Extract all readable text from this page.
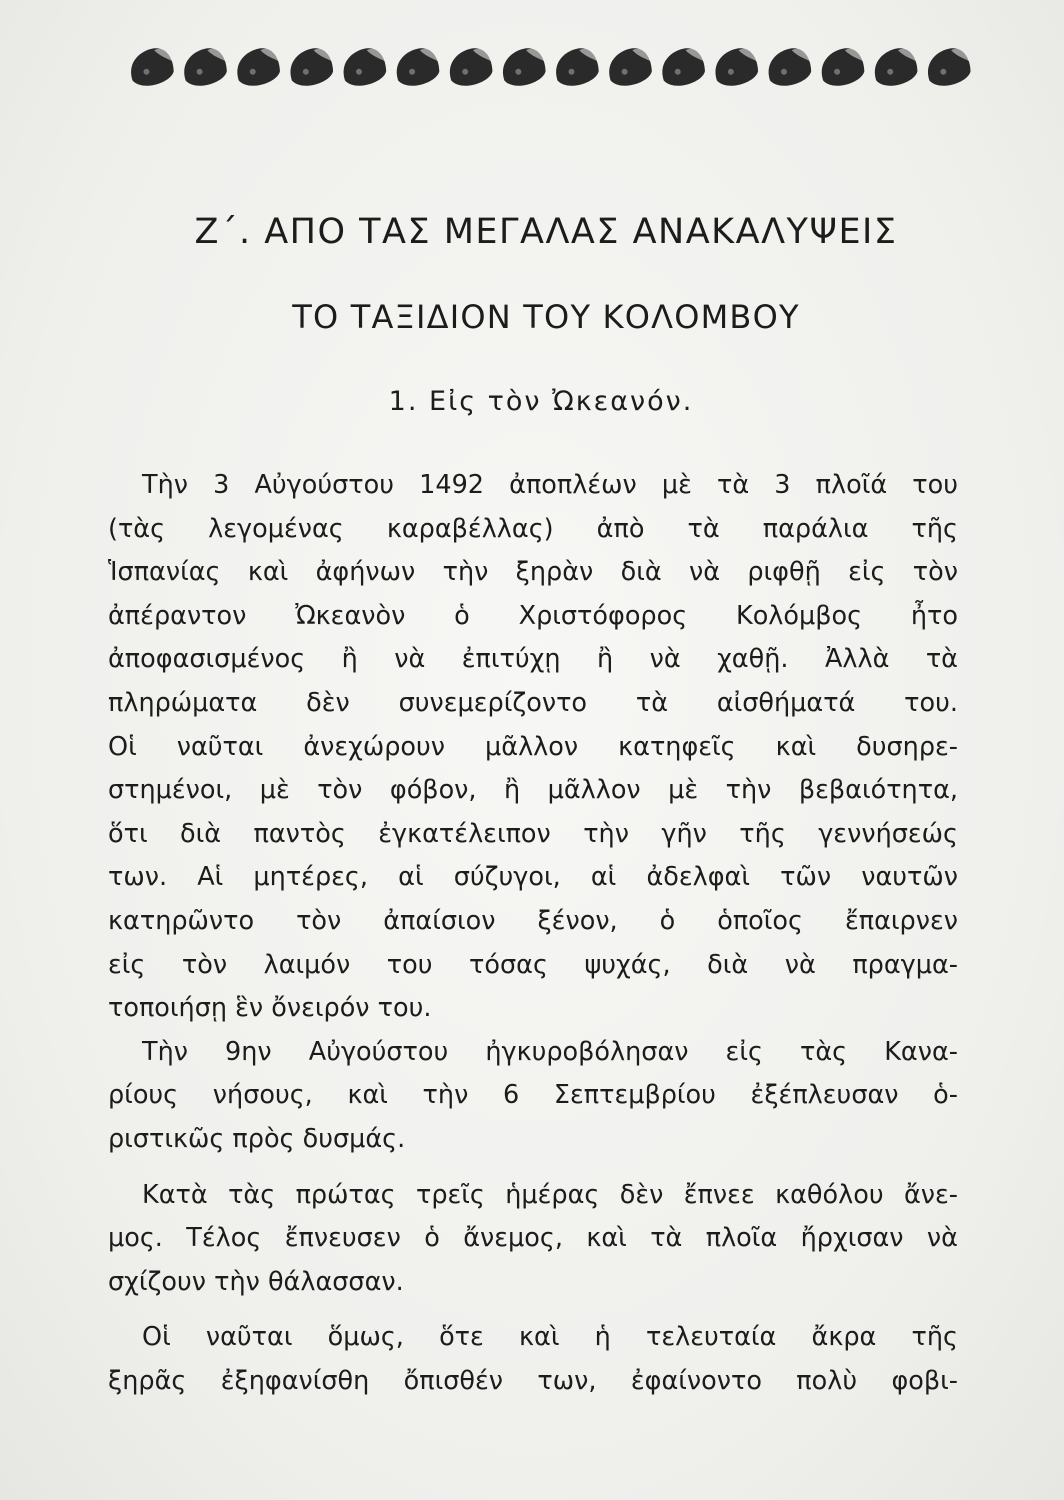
Ζ΄. ΑΠΟ ΤΑΣ ΜΕΓΑΛΑΣ ΑΝΑΚΑΛΥΨΕΙΣ
ΤΟ ΤΑΞΙΔΙΟΝ ΤΟΥ ΚΟΛΟΜΒΟΥ
1. Εἰς τὸν Ὠκεανόν.

Τὴν 3 Αὐγούστου 1492 ἀποπλέων μὲ τὰ 3 πλοῖά του

(τὰς λεγομένας καραβέλλας) ἀπὸ τὰ παράλια τῆς

Ἱσπανίας καὶ ἀφήνων τὴν ξηρὰν διὰ νὰ ριφθῇ εἰς τὸν

ἀπέραντον Ὠκεανὸν ὁ Χριστόφορος Κολόμβος ἦτο

ἀποφασισμένος ἢ νὰ ἐπιτύχῃ ἢ νὰ χαθῇ. Ἀλλὰ τὰ

πληρώματα δὲν συνεμερίζοντο τὰ αἰσθήματά του.

Οἱ ναῦται ἀνεχώρουν μᾶλλον κατηφεῖς καὶ δυσηρε-

στημένοι, μὲ τὸν φόβον, ἢ μᾶλλον μὲ τὴν βεβαιότητα,

ὅτι διὰ παντὸς ἐγκατέλειπον τὴν γῆν τῆς γεννήσεώς

των. Αἱ μητέρες, αἱ σύζυγοι, αἱ ἀδελφαὶ τῶν ναυτῶν

κατηρῶντο τὸν ἀπαίσιον ξένον, ὁ ὁποῖος ἔπαιρνεν

εἰς τὸν λαιμόν του τόσας ψυχάς, διὰ νὰ πραγμα-

τοποιήσῃ ἓν ὄνειρόν του.

Τὴν 9ην Αὐγούστου ἠγκυροβόλησαν εἰς τὰς Κανα-

ρίους νήσους, καὶ τὴν 6 Σεπτεμβρίου ἐξέπλευσαν ὁ-

ριστικῶς πρὸς δυσμάς.

Κατὰ τὰς πρώτας τρεῖς ἡμέρας δὲν ἔπνεε καθόλου ἄνε-

μος. Τέλος ἔπνευσεν ὁ ἄνεμος, καὶ τὰ πλοῖα ἤρχισαν νὰ

σχίζουν τὴν θάλασσαν.

Οἱ ναῦται ὅμως, ὅτε καὶ ἡ τελευταία ἄκρα τῆς

ξηρᾶς ἐξηφανίσθη ὄπισθέν των, ἐφαίνοντο πολὺ φοβι-
